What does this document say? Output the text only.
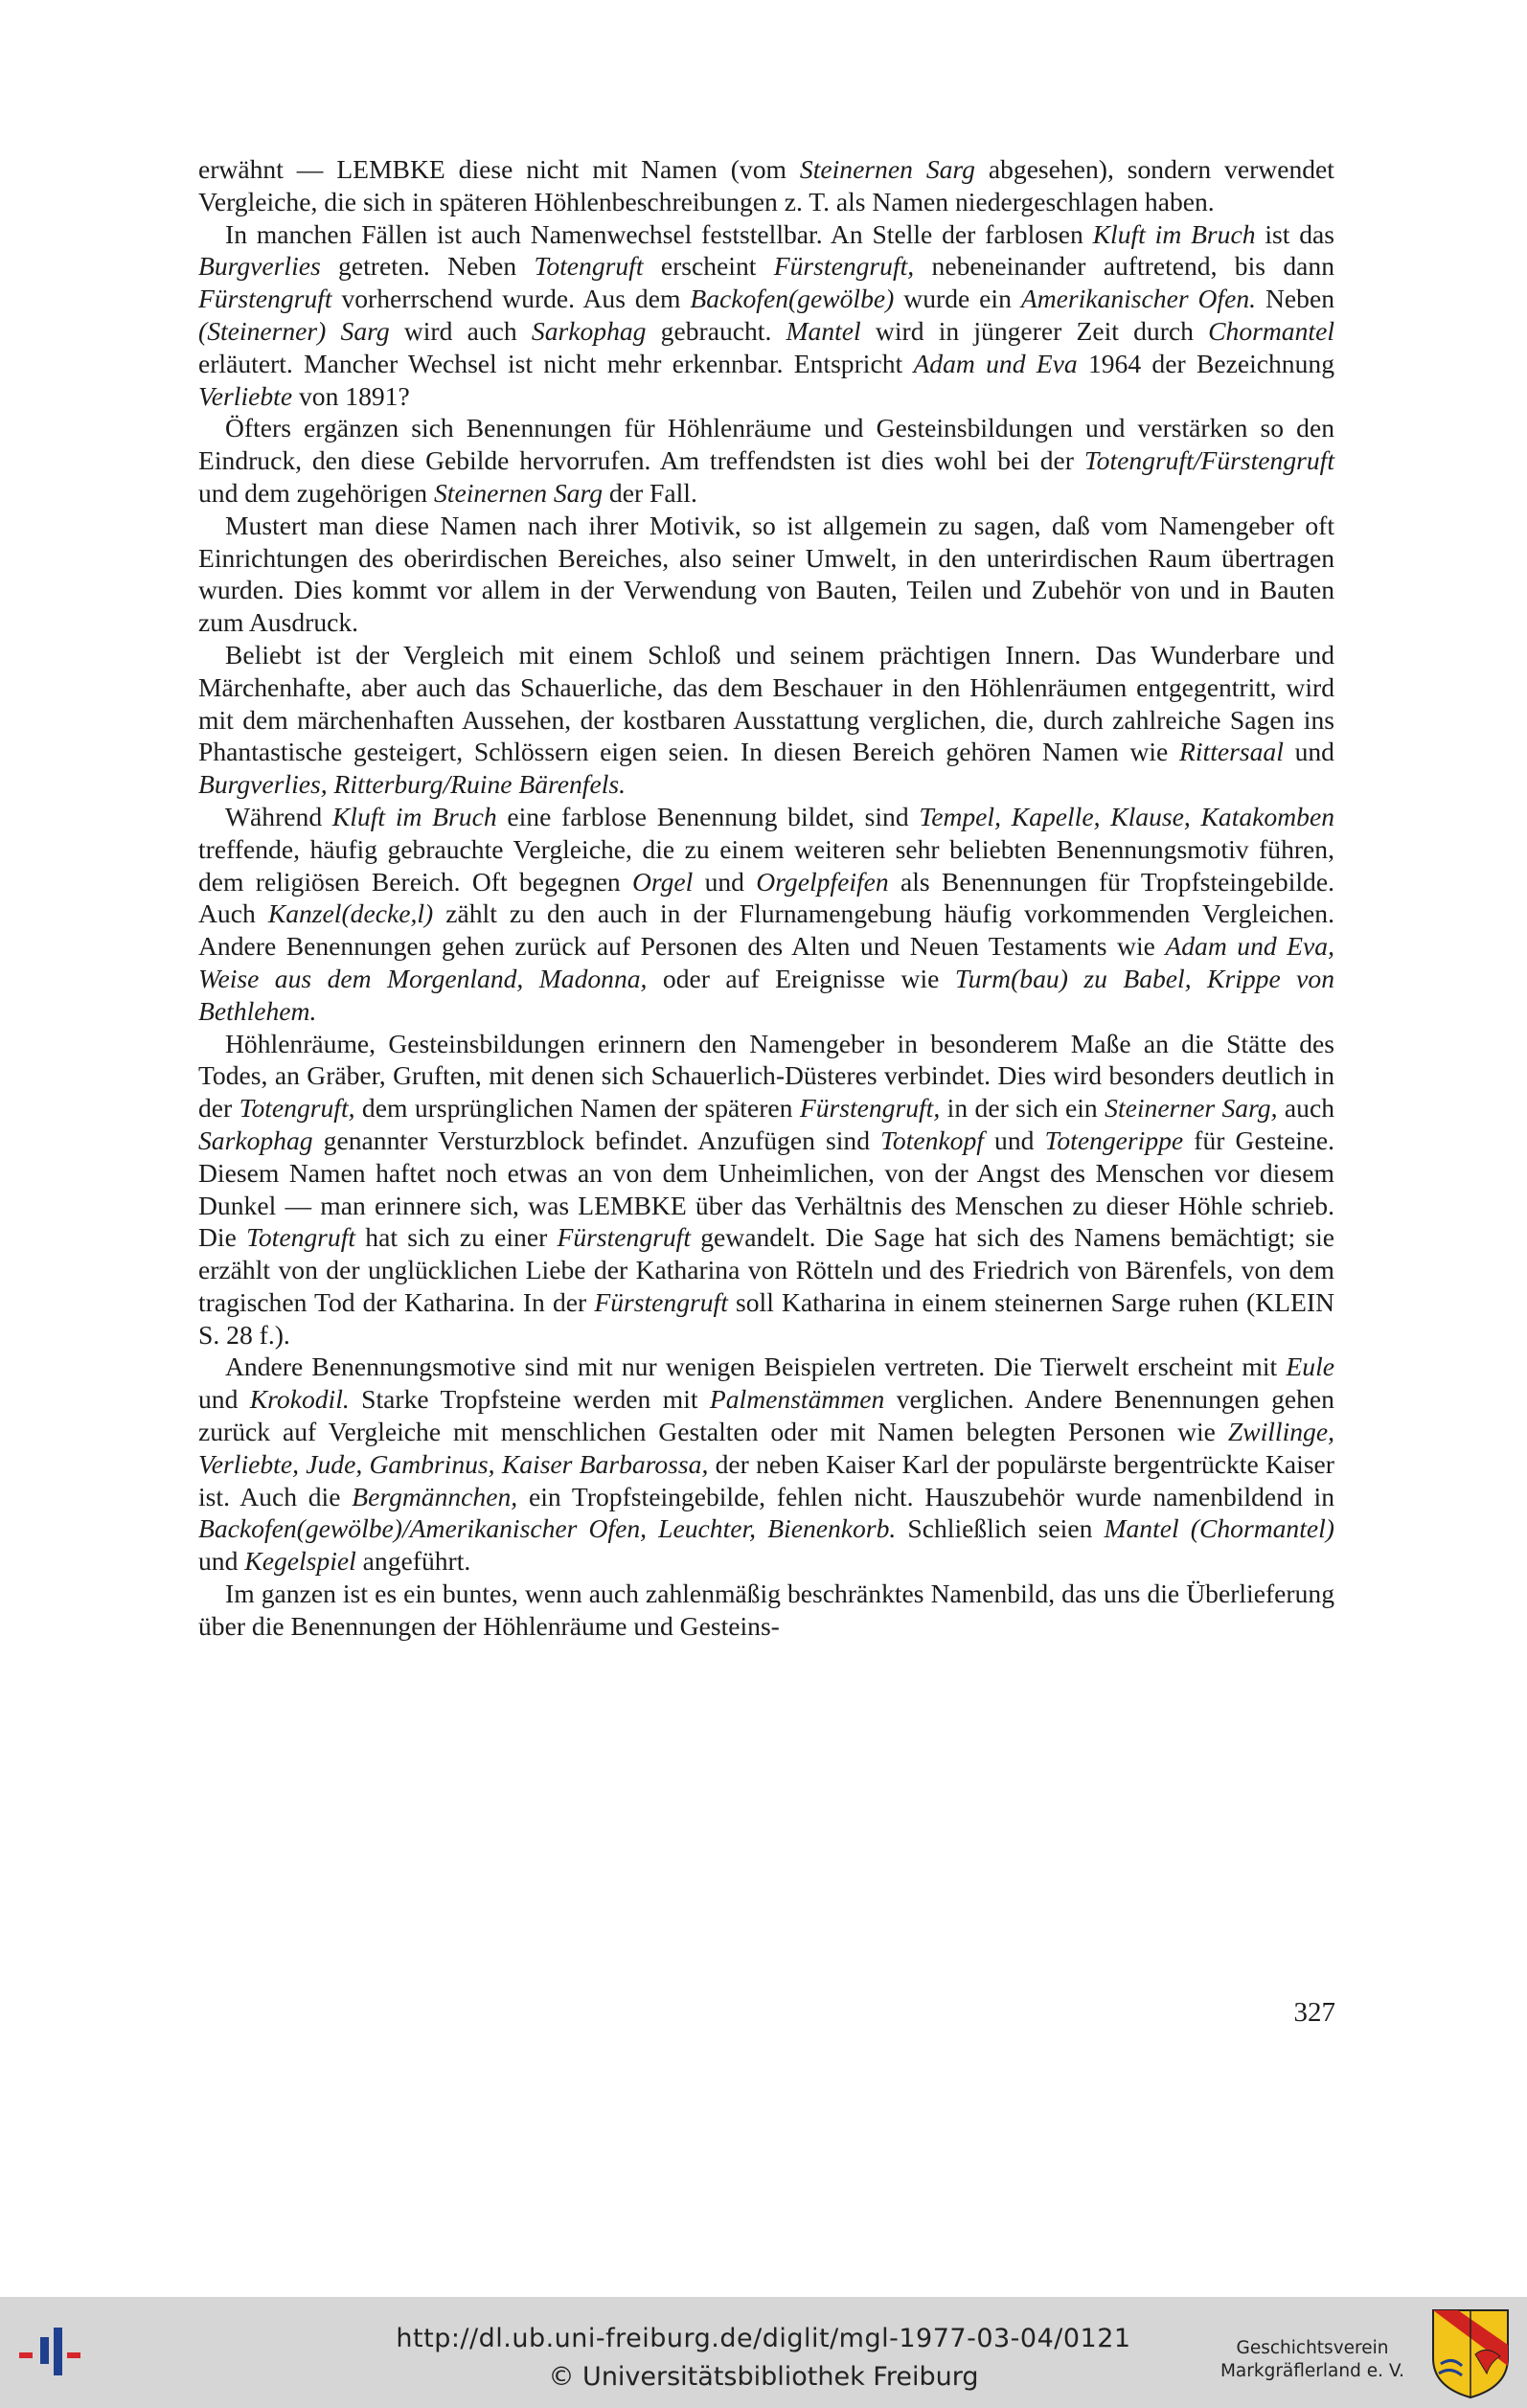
erwähnt — LEMBKE diese nicht mit Namen (vom Steinernen Sarg abgesehen), sondern verwendet Vergleiche, die sich in späteren Höhlenbeschreibungen z. T. als Namen niedergeschlagen haben.

In manchen Fällen ist auch Namenwechsel feststellbar. An Stelle der farblosen Kluft im Bruch ist das Burgverlies getreten. Neben Totengruft erscheint Fürstengruft, nebeneinander auftretend, bis dann Fürstengruft vorherrschend wurde. Aus dem Backofen(gewölbe) wurde ein Amerikanischer Ofen. Neben (Steinerner) Sarg wird auch Sarkophag gebraucht. Mantel wird in jüngerer Zeit durch Chormantel erläutert. Mancher Wechsel ist nicht mehr erkennbar. Entspricht Adam und Eva 1964 der Bezeichnung Verliebte von 1891?

Öfters ergänzen sich Benennungen für Höhlenräume und Gesteinsbildungen und verstärken so den Eindruck, den diese Gebilde hervorrufen. Am treffendsten ist dies wohl bei der Totengruft/Fürstengruft und dem zugehörigen Steinernen Sarg der Fall.

Mustert man diese Namen nach ihrer Motivik, so ist allgemein zu sagen, daß vom Namengeber oft Einrichtungen des oberirdischen Bereiches, also seiner Umwelt, in den unterirdischen Raum übertragen wurden. Dies kommt vor allem in der Verwendung von Bauten, Teilen und Zubehör von und in Bauten zum Ausdruck.

Beliebt ist der Vergleich mit einem Schloß und seinem prächtigen Innern. Das Wunderbare und Märchenhafte, aber auch das Schauerliche, das dem Beschauer in den Höhlenräumen entgegentritt, wird mit dem märchenhaften Aussehen, der kostbaren Ausstattung verglichen, die, durch zahlreiche Sagen ins Phantastische gesteigert, Schlössern eigen seien. In diesen Bereich gehören Namen wie Rittersaal und Burgverlies, Ritterburg/Ruine Bärenfels.

Während Kluft im Bruch eine farblose Benennung bildet, sind Tempel, Kapelle, Klause, Katakomben treffende, häufig gebrauchte Vergleiche, die zu einem weiteren sehr beliebten Benennungsmotiv führen, dem religiösen Bereich. Oft begegnen Orgel und Orgelpfeifen als Benennungen für Tropfsteingebilde. Auch Kanzel(decke,l) zählt zu den auch in der Flurnamengebung häufig vorkommenden Vergleichen. Andere Benennungen gehen zurück auf Personen des Alten und Neuen Testaments wie Adam und Eva, Weise aus dem Morgenland, Madonna, oder auf Ereignisse wie Turm(bau) zu Babel, Krippe von Bethlehem.

Höhlenräume, Gesteinsbildungen erinnern den Namengeber in besonderem Maße an die Stätte des Todes, an Gräber, Gruften, mit denen sich Schauerlich-Düsteres verbindet. Dies wird besonders deutlich in der Totengruft, dem ursprünglichen Namen der späteren Fürstengruft, in der sich ein Steinerner Sarg, auch Sarkophag genannter Versturzblock befindet. Anzufügen sind Totenkopf und Totengerippe für Gesteine. Diesem Namen haftet noch etwas an von dem Unheimlichen, von der Angst des Menschen vor diesem Dunkel — man erinnere sich, was LEMBKE über das Verhältnis des Menschen zu dieser Höhle schrieb. Die Totengruft hat sich zu einer Fürstengruft gewandelt. Die Sage hat sich des Namens bemächtigt; sie erzählt von der unglücklichen Liebe der Katharina von Rötteln und des Friedrich von Bärenfels, von dem tragischen Tod der Katharina. In der Fürstengruft soll Katharina in einem steinernen Sarge ruhen (KLEIN S. 28 f.).

Andere Benennungsmotive sind mit nur wenigen Beispielen vertreten. Die Tierwelt erscheint mit Eule und Krokodil. Starke Tropfsteine werden mit Palmenstämmen verglichen. Andere Benennungen gehen zurück auf Vergleiche mit menschlichen Gestalten oder mit Namen belegten Personen wie Zwillinge, Verliebte, Jude, Gambrinus, Kaiser Barbarossa, der neben Kaiser Karl der populärste bergentrückte Kaiser ist. Auch die Bergmännchen, ein Tropfsteingebilde, fehlen nicht. Hauszubehör wurde namenbildend in Backofen(gewölbe)/Amerikanischer Ofen, Leuchter, Bienenkorb. Schließlich seien Mantel (Chormantel) und Kegelspiel angeführt.

Im ganzen ist es ein buntes, wenn auch zahlenmäßig beschränktes Namenbild, das uns die Überlieferung über die Benennungen der Höhlenräume und Gesteins-

327
http://dl.ub.uni-freiburg.de/diglit/mgl-1977-03-04/0121
© Universitätsbibliothek Freiburg
Geschichtsverein
Markgräflerland e. V.
